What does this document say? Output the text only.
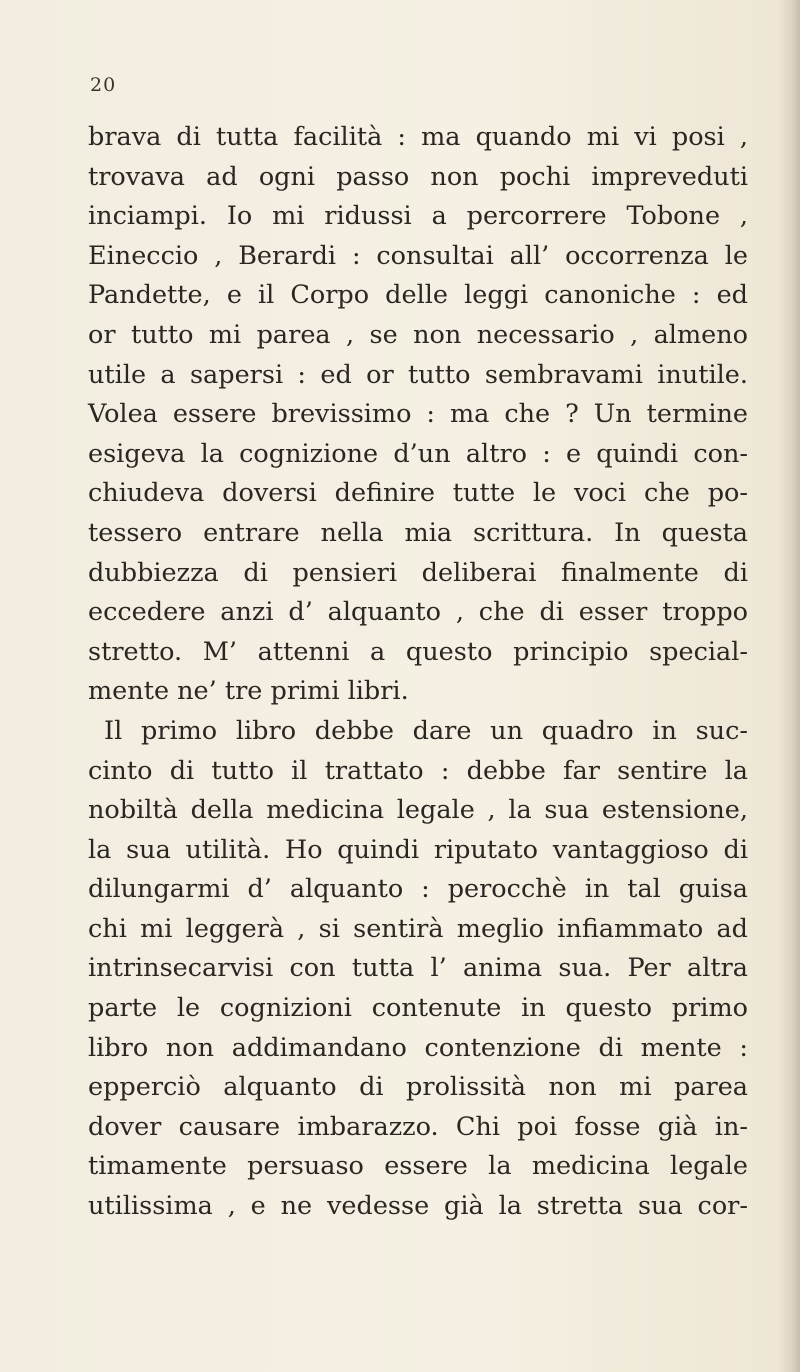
20
brava di tutta facilità : ma quando mi vi posi ,
trovava ad ogni passo non pochi impreveduti
inciampi. Io mi ridussi a percorrere Tobone ,
Eineccio , Berardi : consultai all’ occorrenza le
Pandette, e il Corpo delle leggi canoniche : ed
or tutto mi parea , se non necessario , almeno
utile a sapersi : ed or tutto sembravami inutile.
Volea essere brevissimo : ma che ? Un termine
esigeva la cognizione d’un altro : e quindi con-
chiudeva doversi definire tutte le voci che po-
tessero entrare nella mia scrittura. In questa
dubbiezza di pensieri deliberai finalmente di
eccedere anzi d’ alquanto , che di esser troppo
stretto. M’ attenni a questo principio special-
mente ne’ tre primi libri.
Il primo libro debbe dare un quadro in suc-
cinto di tutto il trattato : debbe far sentire la
nobiltà della medicina legale , la sua estensione,
la sua utilità. Ho quindi riputato vantaggioso di
dilungarmi d’ alquanto : perocchè in tal guisa
chi mi leggerà , si sentirà meglio infiammato ad
intrinsecarvisi con tutta l’ anima sua. Per altra
parte le cognizioni contenute in questo primo
libro non addimandano contenzione di mente :
epperciò alquanto di prolissità non mi parea
dover causare imbarazzo. Chi poi fosse già in-
timamente persuaso essere la medicina legale
utilissima , e ne vedesse già la stretta sua cor-
